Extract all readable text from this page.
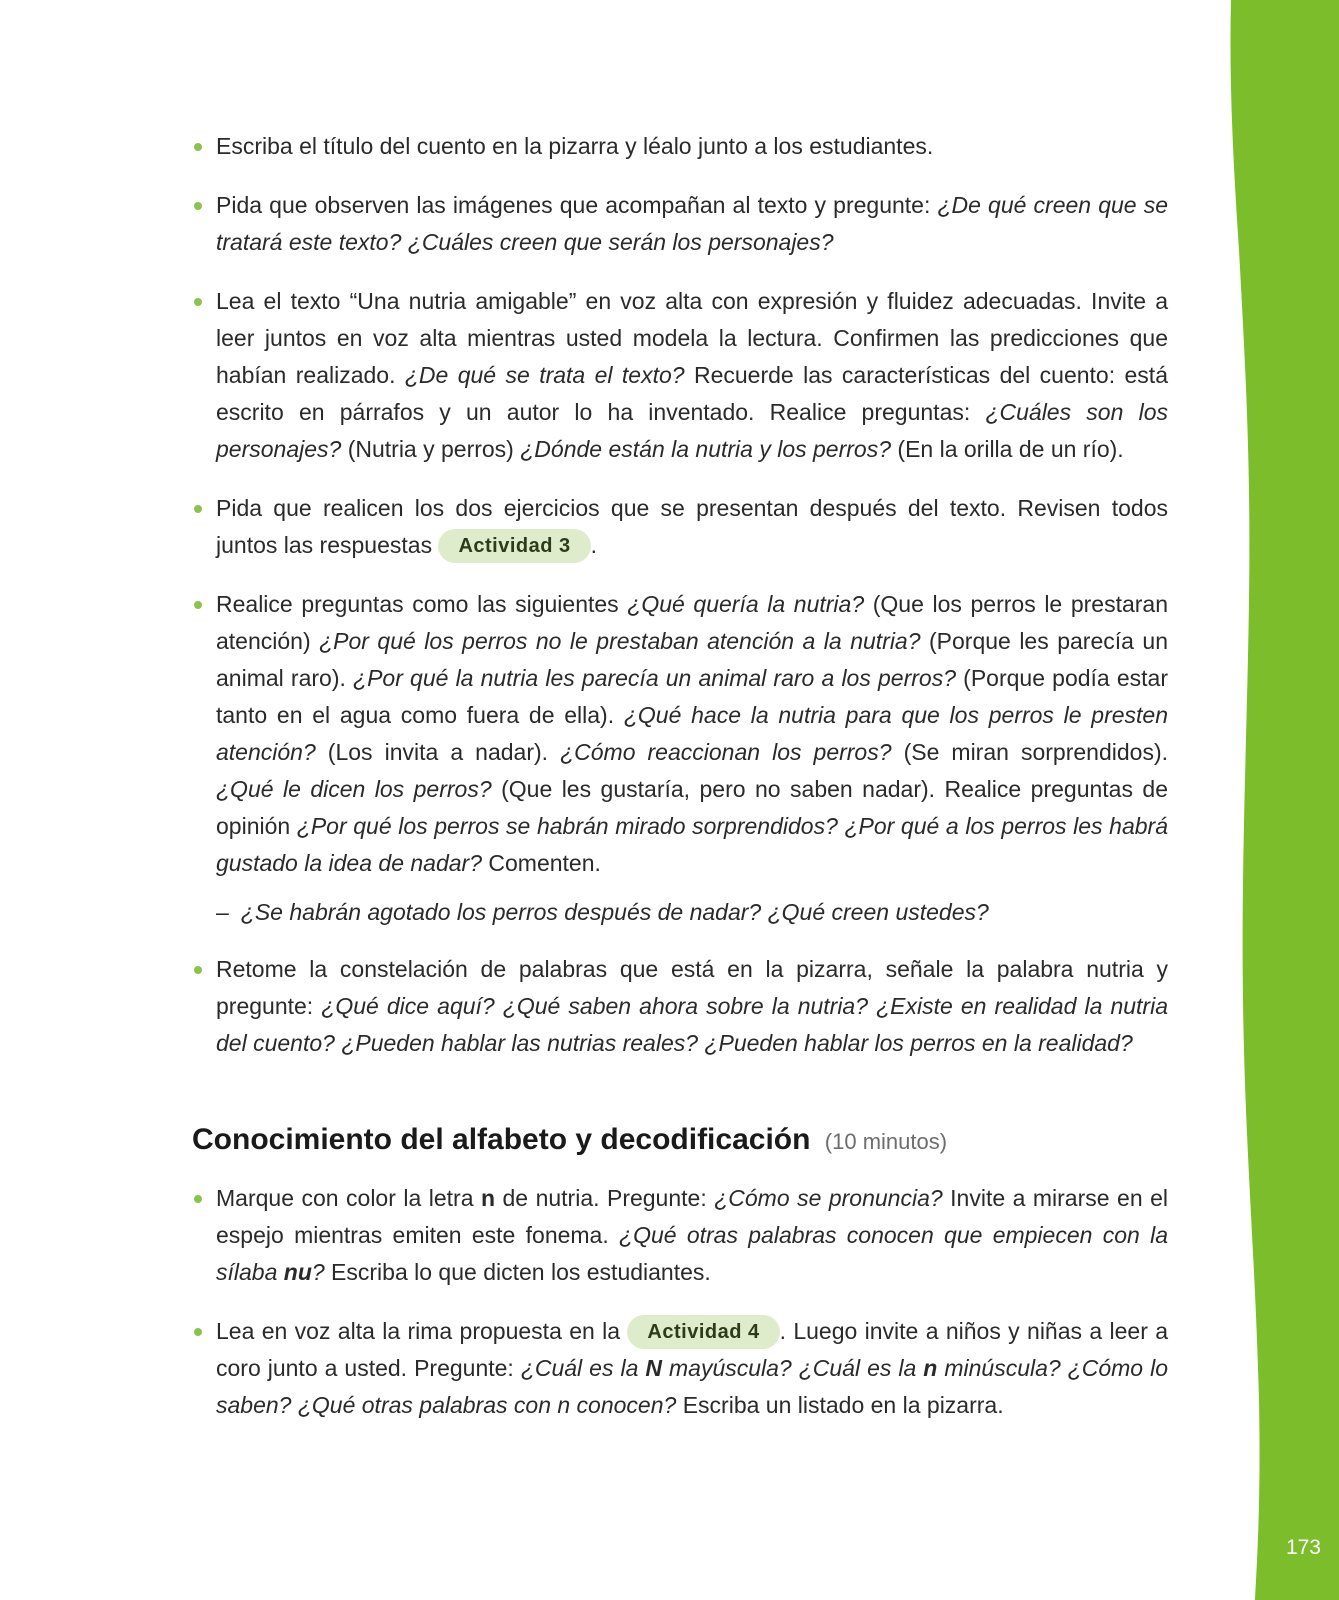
173

Escriba el título del cuento en la pizarra y léalo junto a los estudiantes.

Pida que observen las imágenes que acompañan al texto y pregunte: ¿De qué creen que se tratará este texto? ¿Cuáles creen que serán los personajes?

Lea el texto “Una nutria amigable” en voz alta con expresión y fluidez adecuadas. Invite a leer juntos en voz alta mientras usted modela la lectura. Confirmen las predicciones que habían realizado. ¿De qué se trata el texto? Recuerde las características del cuento: está escrito en párrafos y un autor lo ha inventado. Realice preguntas: ¿Cuáles son los personajes? (Nutria y perros) ¿Dónde están la nutria y los perros? (En la orilla de un río).

Pida que realicen los dos ejercicios que se presentan después del texto. Revisen todos juntos las respuestas Actividad 3 .

Realice preguntas como las siguientes ¿Qué quería la nutria? (Que los perros le prestaran atención) ¿Por qué los perros no le prestaban atención a la nutria? (Porque les parecía un animal raro). ¿Por qué la nutria les parecía un animal raro a los perros? (Porque podía estar tanto en el agua como fuera de ella). ¿Qué hace la nutria para que los perros le presten atención? (Los invita a nadar). ¿Cómo reaccionan los perros? (Se miran sorprendidos). ¿Qué le dicen los perros? (Que les gustaría, pero no saben nadar). Realice preguntas de opinión ¿Por qué los perros se habrán mirado sorprendidos? ¿Por qué a los perros les habrá gustado la idea de nadar? Comenten.

– ¿Se habrán agotado los perros después de nadar? ¿Qué creen ustedes?

Retome la constelación de palabras que está en la pizarra, señale la palabra nutria y pregunte: ¿Qué dice aquí? ¿Qué saben ahora sobre la nutria? ¿Existe en realidad la nutria del cuento? ¿Pueden hablar las nutrias reales? ¿Pueden hablar los perros en la realidad?

Conocimiento del alfabeto y decodificación (10 minutos)

Marque con color la letra n de nutria. Pregunte: ¿Cómo se pronuncia? Invite a mirarse en el espejo mientras emiten este fonema. ¿Qué otras palabras conocen que empiecen con la sílaba nu? Escriba lo que dicten los estudiantes.

Lea en voz alta la rima propuesta en la Actividad 4 . Luego invite a niños y niñas a leer a coro junto a usted. Pregunte: ¿Cuál es la N mayúscula? ¿Cuál es la n minúscula? ¿Cómo lo saben? ¿Qué otras palabras con n conocen? Escriba un listado en la pizarra.
